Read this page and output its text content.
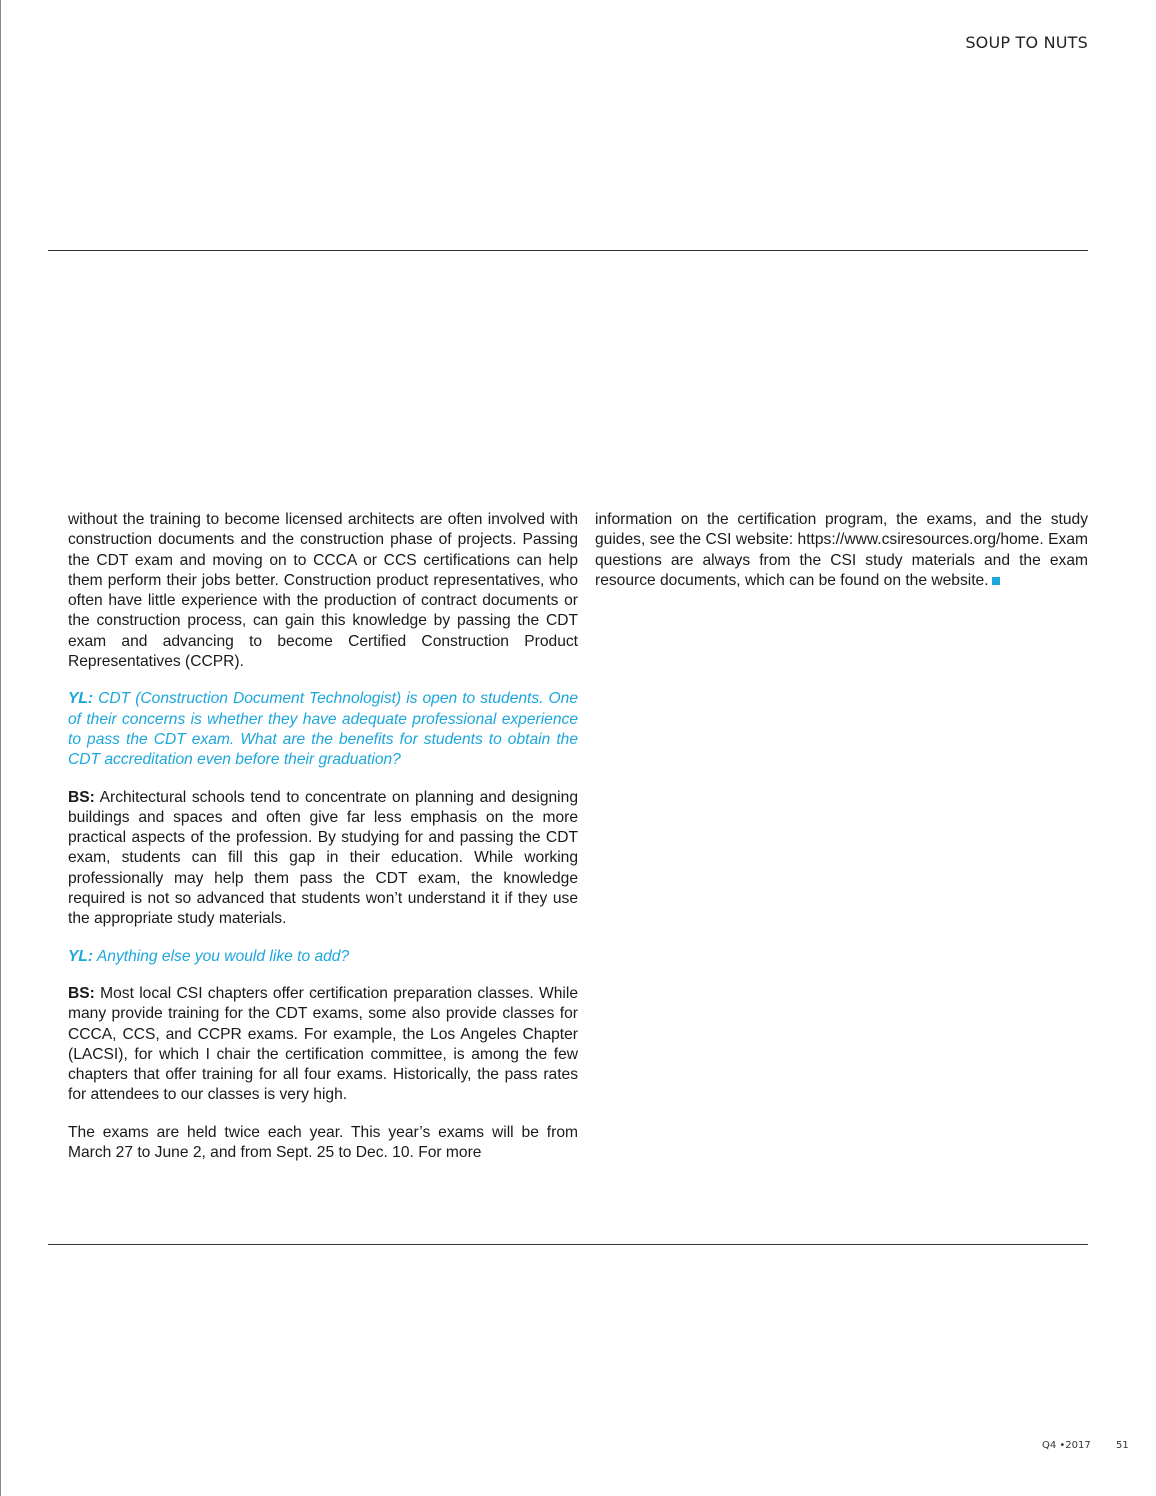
SOUP TO NUTS

without the training to become licensed architects are often involved with construction documents and the construction phase of projects. Passing the CDT exam and moving on to CCCA or CCS certifications can help them perform their jobs better. Construction product representatives, who often have little experience with the production of contract documents or the construction process, can gain this knowledge by passing the CDT exam and advancing to become Certified Construction Product Representatives (CCPR).

YL: CDT (Construction Document Technologist) is open to students. One of their concerns is whether they have adequate professional experience to pass the CDT exam. What are the benefits for students to obtain the CDT accreditation even before their graduation?

BS: Architectural schools tend to concentrate on planning and designing buildings and spaces and often give far less emphasis on the more practical aspects of the profession. By studying for and passing the CDT exam, students can fill this gap in their education. While working professionally may help them pass the CDT exam, the knowledge required is not so advanced that students won’t understand it if they use the appropriate study materials.

YL: Anything else you would like to add?

BS: Most local CSI chapters offer certification preparation classes. While many provide training for the CDT exams, some also provide classes for CCCA, CCS, and CCPR exams. For example, the Los Angeles Chapter (LACSI), for which I chair the certification committee, is among the few chapters that offer training for all four exams. Historically, the pass rates for attendees to our classes is very high.

The exams are held twice each year. This year’s exams will be from March 27 to June 2, and from Sept. 25 to Dec. 10. For more

information on the certification program, the exams, and the study guides, see the CSI website: https://www.csiresources.org/home. Exam questions are always from the CSI study materials and the exam resource documents, which can be found on the website.

Q4 •2017	51
